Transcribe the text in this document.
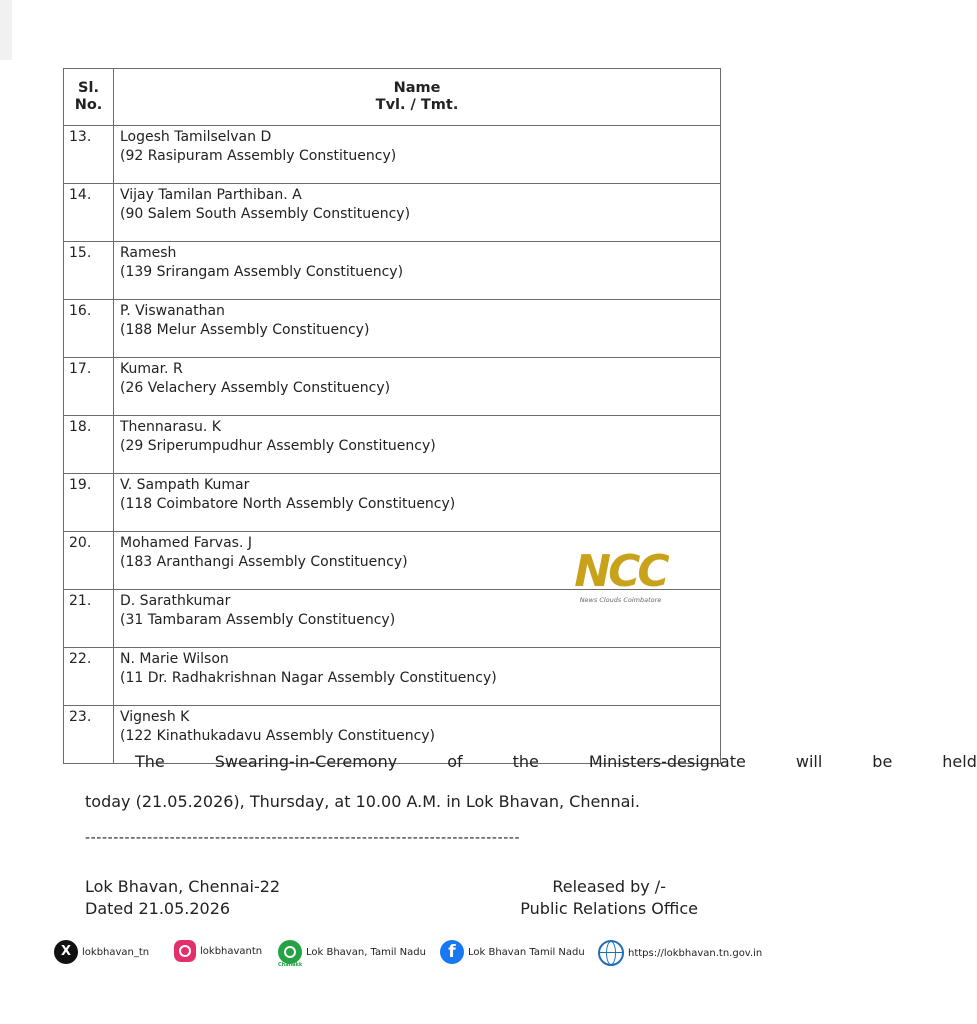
Sl.
No.	Name
Tvl. / Tmt.
13.	Logesh Tamilselvan D
(92 Rasipuram Assembly Constituency)

14.	Vijay Tamilan Parthiban. A
(90 Salem South Assembly Constituency)

15.	Ramesh
(139 Srirangam Assembly Constituency)

16.	P. Viswanathan
(188 Melur Assembly Constituency)

17.	Kumar. R
(26 Velachery Assembly Constituency)

18.	Thennarasu. K
(29 Sriperumpudhur Assembly Constituency)

19.	V. Sampath Kumar
(118 Coimbatore North Assembly Constituency)

20.	Mohamed Farvas. J
(183 Aranthangi Assembly Constituency)

21.	D. Sarathkumar
(31 Tambaram Assembly Constituency)

22.	N. Marie Wilson
(11 Dr. Radhakrishnan Nagar Assembly Constituency)

23.	Vignesh K
(122 Kinathukadavu Assembly Constituency)
NCC
News Clouds Coimbatore
The	Swearing-in-Ceremony	of	the	Ministers-designate	will	be	held
today (21.05.2026), Thursday, at 10.00 A.M. in Lok Bhavan, Chennai.
-----------------------------------------------------------------------------
Lok Bhavan, Chennai-22
Dated 21.05.2026
Released by /-
Public Relations Office
X
lokbhavan_tn	lokbhavantn	Lok Bhavan, Tamil Nadu
Chanakk
f
Lok Bhavan Tamil Nadu	https://lokbhavan.tn.gov.in
